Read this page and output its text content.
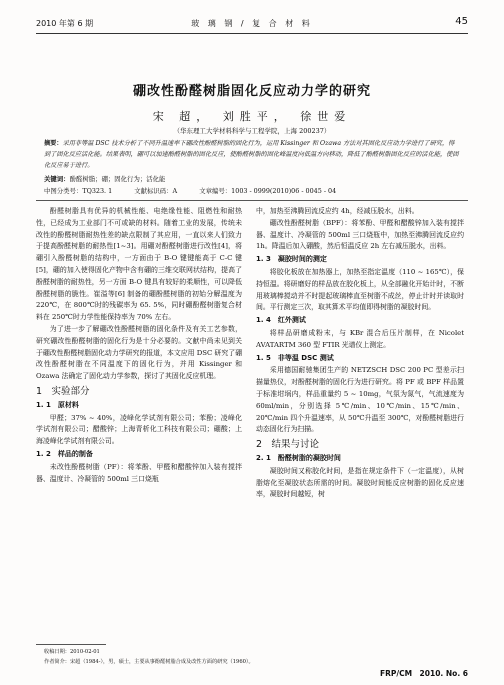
2010 年第 6 期	玻 璃 钢 / 复 合 材 料	45
硼改性酚醛树脂固化反应动力学的研究
宋 超， 刘胜平， 徐世爱
（华东理工大学材料科学与工程学院，上海 200237）
摘要：采用非等温 DSC 技术分析了不同升温速率下硼改性酚醛树脂的固化行为，运用 Kissinger 和 Ozawa 方法对其固化反应动力学进行了研究，得到了固化反应活化能。结果表明，硼可以加速酚醛树脂的固化反应，使酚醛树脂的固化峰温度向低温方向移动，降低了酚醛树脂固化反应的活化能，使固化反应易于进行。
关键词：酚醛树脂；硼；固化行为；活化能
中图分类号：TQ323. 1	文献标识码：A	文章编号：1003 - 0999(2010)06 - 0045 - 04

酚醛树脂具有优异的机械性能、电绝缘性能、阻燃性和耐热性，已经成为工业部门不可或缺的材料。随着工业的发展，传统未改性的酚醛树脂耐热性差的缺点限制了其应用，一直以来人们致力于提高酚醛树脂的耐热性[1~3]。用硼对酚醛树脂进行改性[4]，将硼引入酚醛树脂的结构中，一方面由于 B-O 键键能高于 C-C 键[5]，硼的加入使得固化产物中含有硼的三维交联网状结构，提高了酚醛树脂的耐热性，另一方面 B-O 键具有较好的柔顺性，可以降低酚醛树脂的脆性。崔溢等[6] 制备的硼酚醛树脂的初始分解温度为 220℃，在 800℃时的残碳率为 65. 5%，同时硼酚醛树脂复合材料在 250℃时力学性能保持率为 70% 左右。

为了进一步了解硼改性酚醛树脂的固化条件及有关工艺参数，研究硼改性酚醛树脂的固化行为是十分必要的。文献中尚未见到关于硼改性酚醛树脂固化动力学研究的报道，本文应用 DSC 研究了硼改性酚醛树脂在不同温度下的固化行为，并用 Kissinger 和 Ozawa 法确定了固化动力学参数，探讨了其固化反应机理。

1　实验部分
1. 1　原材料

甲醛；37% ~ 40%，凌峰化学试剂有限公司；苯酚；凌峰化学试剂有限公司；醋酸锌；上海青析化工科技有限公司；硼酸；上海凌峰化学试剂有限公司。

1. 2　样品的制备

未改性酚醛树脂（PF）：将苯酚、甲醛和醋酸锌加入装有搅拌器、温度计、冷凝管的 500ml 三口烧瓶

中，加热至沸腾回流反应约 4h，经减压脱水，出料。

硼改性酚醛树脂（BPF）：将苯酚、甲醛和醋酸锌加入装有搅拌器、温度计、冷凝管的 500ml 三口烧瓶中，加热至沸腾回流反应约 1h。降温后加入硼酸，然后恒温反应 2h 左右减压脱水，出料。

1. 3　凝胶时间的测定

将胶化板放在加热器上，加热至指定温度（110 ~ 165℃），保持恒温。将研磨好的样品放在胶化板上，从全部融化开始计时，不断用玻璃棒搅动并不时提起玻璃棒直至树脂不成丝，停止计时并读取时间。平行测定三次，取其算术平均值即得树脂的凝胶时间。

1. 4　红外测试

将样品研磨成粉末，与 KBr 混合后压片制样，在 Nicolet AVATARTM 360 型 FTIR 光谱仪上测定。

1. 5　非等温 DSC 测试

采用德国耐驰集团生产的 NETZSCH DSC 200 PC 型差示扫描量热仪，对酚醛树脂的固化行为进行研究。将 PF 或 BPF 样品置于标准坩埚内，样品重量约 5 ~ 10mg，气氛为氮气，气流速度为 60ml/min，分别选择 5℃/min、10℃/min、15℃/min、20℃/min 四个升温速率，从 50℃升温至 300℃，对酚醛树脂进行动态固化行为扫描。

2　结果与讨论
2. 1　酚醛树脂的凝胶时间

凝胶时间又称胶化时间，是指在规定条件下（一定温度），从树脂熔化至凝胶状态所需的时间。凝胶时间能反应树脂的固化反应速率，凝胶时间越短，树

收稿日期：2010-02-01
作者简介：宋超（1984-），男，硕士，主要从事酚醛树脂合成及改性方面的研究（1960）。
FRP/CM　2010. No. 6
